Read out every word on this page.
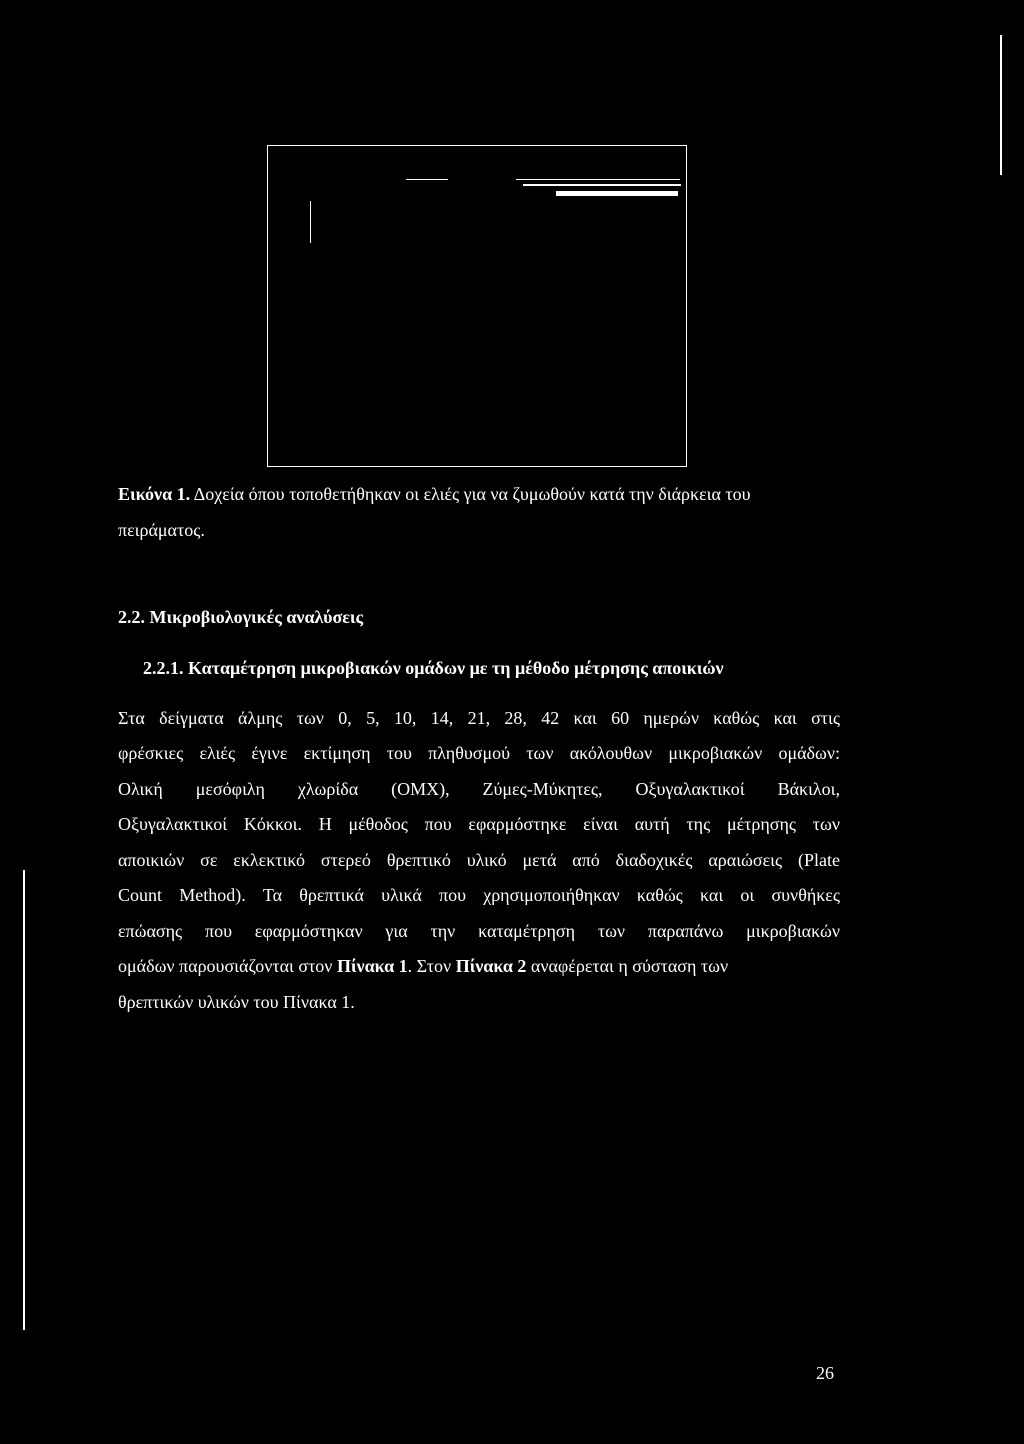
Εικόνα 1. Δοχεία όπου τοποθετήθηκαν οι ελιές για να ζυμωθούν κατά την διάρκεια του
πειράματος.
2.2. Μικροβιολογικές αναλύσεις
2.2.1. Καταμέτρηση μικροβιακών ομάδων με τη μέθοδο μέτρησης αποικιών
Στα δείγματα άλμης των 0, 5, 10, 14, 21, 28, 42 και 60 ημερών καθώς και στις
φρέσκιες ελιές έγινε εκτίμηση του πληθυσμού των ακόλουθων μικροβιακών ομάδων:
Ολική μεσόφιλη χλωρίδα (ΟΜΧ), Ζύμες-Μύκητες, Οξυγαλακτικοί Βάκιλοι,
Οξυγαλακτικοί Κόκκοι. Η μέθοδος που εφαρμόστηκε είναι αυτή της μέτρησης των
αποικιών σε εκλεκτικό στερεό θρεπτικό υλικό μετά από διαδοχικές αραιώσεις (Plate
Count Method). Τα θρεπτικά υλικά που χρησιμοποιήθηκαν καθώς και οι συνθήκες
επώασης που εφαρμόστηκαν για την καταμέτρηση των παραπάνω μικροβιακών
ομάδων παρουσιάζονται στον Πίνακα 1. Στον Πίνακα 2 αναφέρεται η σύσταση των
θρεπτικών υλικών του Πίνακα 1.
26
